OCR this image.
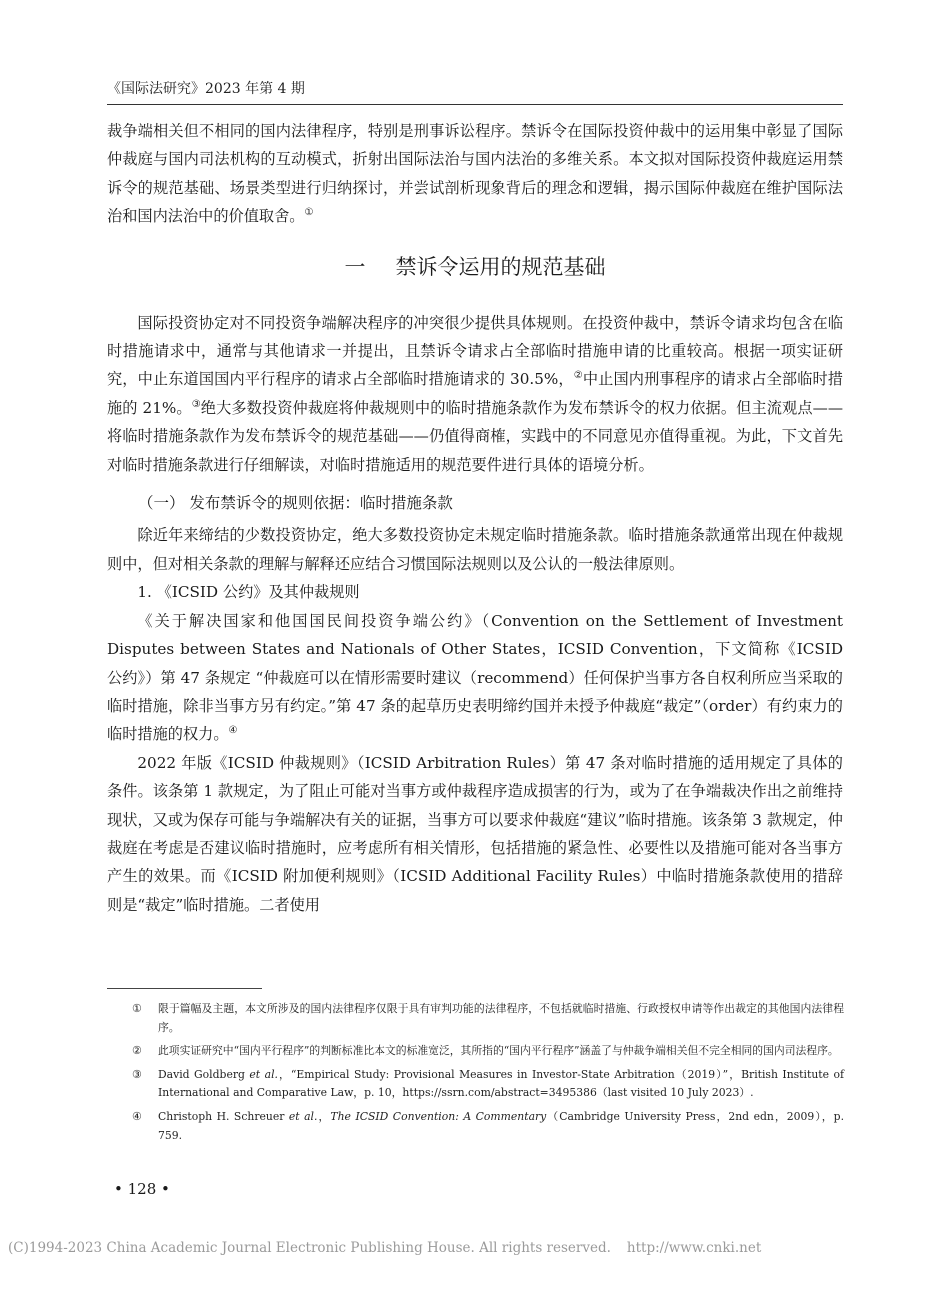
《国际法研究》2023 年第 4 期

裁争端相关但不相同的国内法律程序，特别是刑事诉讼程序。禁诉令在国际投资仲裁中的运用集中彰显了国际仲裁庭与国内司法机构的互动模式，折射出国际法治与国内法治的多维关系。本文拟对国际投资仲裁庭运用禁诉令的规范基础、场景类型进行归纳探讨，并尝试剖析现象背后的理念和逻辑，揭示国际仲裁庭在维护国际法治和国内法治中的价值取舍。①

一 禁诉令运用的规范基础

国际投资协定对不同投资争端解决程序的冲突很少提供具体规则。在投资仲裁中，禁诉令请求均包含在临时措施请求中，通常与其他请求一并提出，且禁诉令请求占全部临时措施申请的比重较高。根据一项实证研究，中止东道国国内平行程序的请求占全部临时措施请求的 30.5%，②中止国内刑事程序的请求占全部临时措施的 21%。③绝大多数投资仲裁庭将仲裁规则中的临时措施条款作为发布禁诉令的权力依据。但主流观点——将临时措施条款作为发布禁诉令的规范基础——仍值得商榷，实践中的不同意见亦值得重视。为此，下文首先对临时措施条款进行仔细解读，对临时措施适用的规范要件进行具体的语境分析。

（一） 发布禁诉令的规则依据：临时措施条款

除近年来缔结的少数投资协定，绝大多数投资协定未规定临时措施条款。临时措施条款通常出现在仲裁规则中，但对相关条款的理解与解释还应结合习惯国际法规则以及公认的一般法律原则。

1. 《ICSID 公约》及其仲裁规则

《关于解决国家和他国国民间投资争端公约》（Convention on the Settlement of Investment Disputes between States and Nationals of Other States，ICSID Convention，下文简称《ICSID 公约》）第 47 条规定 “仲裁庭可以在情形需要时建议（recommend）任何保护当事方各自权利所应当采取的临时措施，除非当事方另有约定。”第 47 条的起草历史表明缔约国并未授予仲裁庭“裁定”（order）有约束力的临时措施的权力。④

2022 年版《ICSID 仲裁规则》（ICSID Arbitration Rules）第 47 条对临时措施的适用规定了具体的条件。该条第 1 款规定，为了阻止可能对当事方或仲裁程序造成损害的行为，或为了在争端裁决作出之前维持现状，又或为保存可能与争端解决有关的证据，当事方可以要求仲裁庭“建议”临时措施。该条第 3 款规定，仲裁庭在考虑是否建议临时措施时，应考虑所有相关情形，包括措施的紧急性、必要性以及措施可能对各当事方产生的效果。而《ICSID 附加便利规则》（ICSID Additional Facility Rules）中临时措施条款使用的措辞则是“裁定”临时措施。二者使用

① 限于篇幅及主题，本文所涉及的国内法律程序仅限于具有审判功能的法律程序，不包括就临时措施、行政授权申请等作出裁定的其他国内法律程序。
② 此项实证研究中“国内平行程序”的判断标准比本文的标准宽泛，其所指的“国内平行程序”涵盖了与仲裁争端相关但不完全相同的国内司法程序。
③ David Goldberg et al.，“Empirical Study: Provisional Measures in Investor-State Arbitration（2019）”，British Institute of International and Comparative Law，p. 10，https://ssrn.com/abstract=3495386（last visited 10 July 2023）.
④ Christoph H. Schreuer et al.，The ICSID Convention: A Commentary（Cambridge University Press，2nd edn，2009），p. 759.
• 128 •
(C)1994-2023 China Academic Journal Electronic Publishing House. All rights reserved. http://www.cnki.net
